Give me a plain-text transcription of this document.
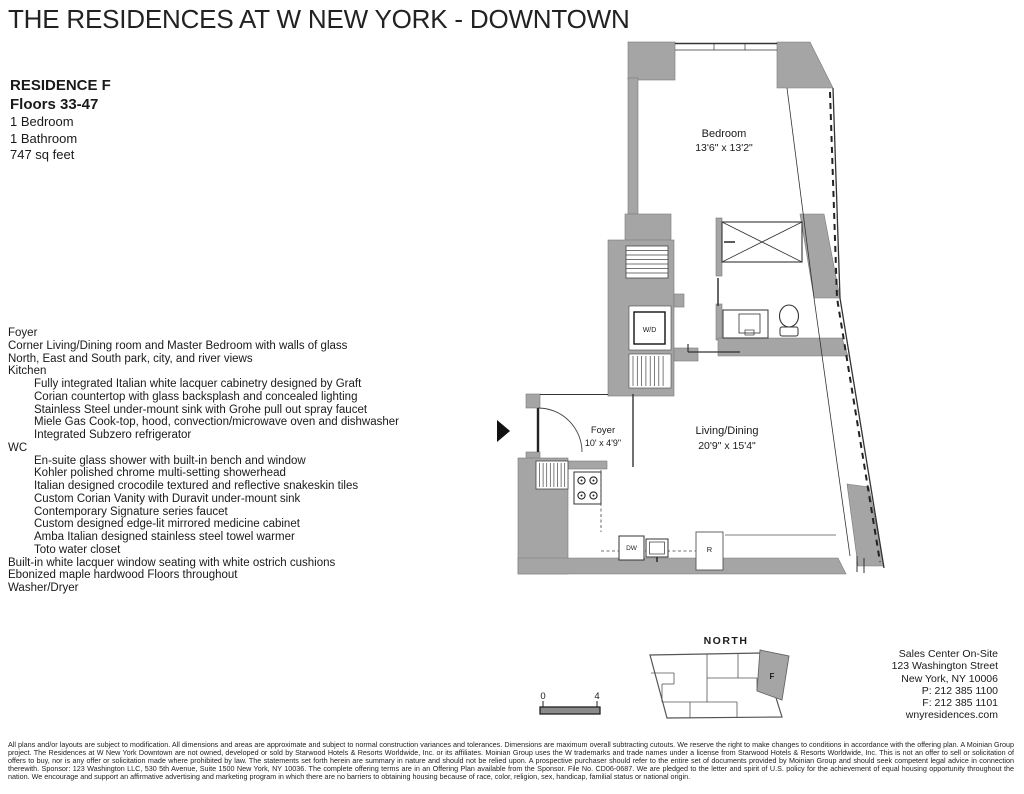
THE RESIDENCES AT W NEW YORK - DOWNTOWN
RESIDENCE F
Floors 33-47
1 Bedroom
1 Bathroom
747 sq feet
Foyer
Corner Living/Dining room and Master Bedroom with walls of glass
North, East and South park, city, and river views
Kitchen
Fully integrated Italian white lacquer cabinetry designed by Graft
Corian countertop with glass backsplash and concealed lighting
Stainless Steel under-mount sink with Grohe pull out spray faucet
Miele Gas Cook-top, hood, convection/microwave oven and dishwasher
Integrated Subzero refrigerator
WC
En-suite glass shower with built-in bench and window
Kohler polished chrome multi-setting showerhead
Italian designed crocodile textured and reflective snakeskin tiles
Custom Corian Vanity with Duravit under-mount sink
Contemporary Signature series faucet
Custom designed edge-lit mirrored medicine cabinet
Amba Italian designed stainless steel towel warmer
Toto water closet
Built-in white lacquer window seating with white ostrich cushions
Ebonized maple hardwood Floors throughout
Washer/Dryer
W/D
DW	R
Bedroom
13'6" x 13'2"
Foyer
10' x 4'9"
Living/Dining
20'9" x 15'4"
0	4
NORTH
F
Sales Center On-Site
123 Washington Street
New York, NY 10006
P: 212 385 1100
F: 212 385 1101
wnyresidences.com
All plans and/or layouts are subject to modification. All dimensions and areas are approximate and subject to normal construction variances and tolerances. Dimensions are maximum overall subtracting cutouts. We reserve the right to make changes to conditions in accordance with the offering plan. A Moinian Group project. The Residences at W New York Downtown are not owned, developed or sold by Starwood Hotels & Resorts Worldwide, Inc. or its affiliates. Moinian Group uses the W trademarks and trade names under a license from Starwood Hotels & Resorts Worldwide, Inc. This is not an offer to sell or solicitation of offers to buy, nor is any offer or solicitation made where prohibited by law. The statements set forth herein are summary in nature and should not be relied upon. A prospective purchaser should refer to the entire set of documents provided by Moinian Group and should seek competent legal advice in connection therewith. Sponsor: 123 Washington LLC, 530 5th Avenue, Suite 1500 New York, NY 10036. The complete offering terms are in an Offering Plan available from the Sponsor. File No. CD06-0687. We are pledged to the letter and spirit of U.S. policy for the achievement of equal housing opportunity throughout the nation. We encourage and support an affirmative advertising and marketing program in which there are no barriers to obtaining housing because of race, color, religion, sex, handicap, familial status or national origin.
